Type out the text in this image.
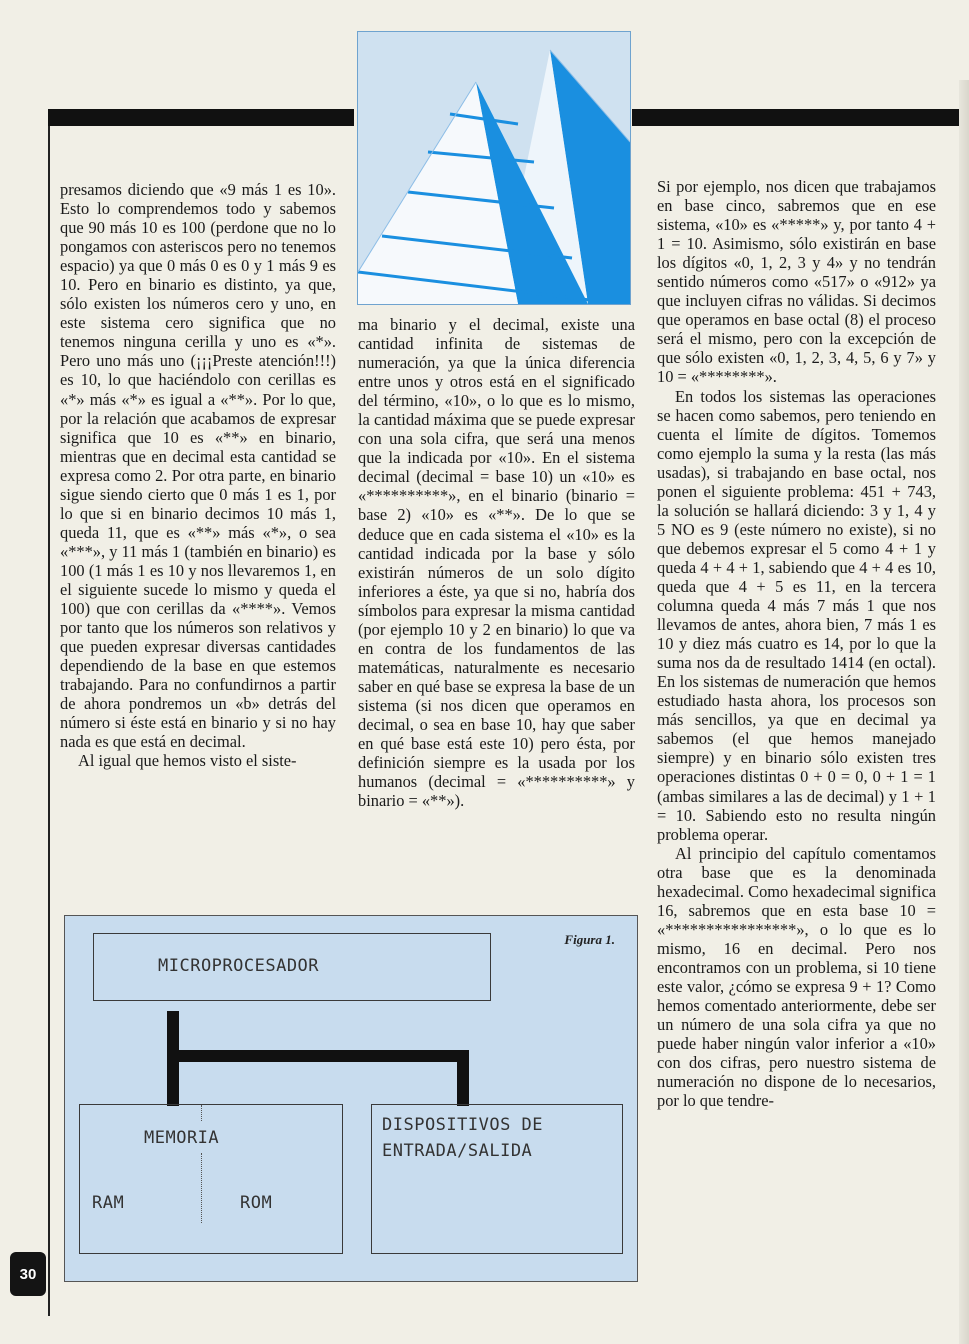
presamos diciendo que «9 más 1 es 10». Esto lo comprendemos todo y sabemos que 90 más 10 es 100 (perdone que no lo pongamos con asteriscos pero no tenemos espacio) ya que 0 más 0 es 0 y 1 más 9 es 10. Pero en binario es distinto, ya que, sólo existen los números cero y uno, en este sistema cero significa que no tenemos ninguna cerilla y uno es «*». Pero uno más uno (¡¡¡Preste atención!!!) es 10, lo que haciéndolo con cerillas es «*» más «*» es igual a «**». Por lo que, por la relación que acabamos de expresar significa que 10 es «**» en binario, mientras que en decimal esta cantidad se expresa como 2. Por otra parte, en binario sigue siendo cierto que 0 más 1 es 1, por lo que si en binario decimos 10 más 1, queda 11, que es «**» más «*», o sea «***», y 11 más 1 (también en binario) es 100 (1 más 1 es 10 y nos llevaremos 1, en el siguiente sucede lo mismo y queda el 100) que con cerillas da «****». Vemos por tanto que los números son relativos y que pueden expresar diversas cantidades dependiendo de la base en que estemos trabajando. Para no confundirnos a partir de ahora pondremos un «b» detrás del número si éste está en binario y si no hay nada es que está en decimal.

Al igual que hemos visto el siste-

ma binario y el decimal, existe una cantidad infinita de sistemas de numeración, ya que la única diferencia entre unos y otros está en el significado del término, «10», o lo que es lo mismo, la cantidad máxima que se puede expresar con una sola cifra, que será una menos que la indicada por «10». En el sistema decimal (decimal = base 10) un «10» es «**********», en el binario (binario = base 2) «10» es «**». De lo que se deduce que en cada sistema el «10» es la cantidad indicada por la base y sólo existirán números de un solo dígito inferiores a éste, ya que si no, habría dos símbolos para expresar la misma cantidad (por ejemplo 10 y 2 en binario) lo que va en contra de los fundamentos de las matemáticas, naturalmente es necesario saber en qué base se expresa la base de un sistema (si nos dicen que operamos en decimal, o sea en base 10, hay que saber en qué base está este 10) pero ésta, por definición siempre es la usada por los humanos (decimal = «**********» y binario = «**»).

Si por ejemplo, nos dicen que trabajamos en base cinco, sabremos que en ese sistema, «10» es «*****» y, por tanto 4 + 1 = 10. Asimismo, sólo existirán en base los dígitos «0, 1, 2, 3 y 4» y no tendrán sentido números como «517» o «912» ya que incluyen cifras no válidas. Si decimos que operamos en base octal (8) el proceso será el mismo, pero con la excepción de que sólo existen «0, 1, 2, 3, 4, 5, 6 y 7» y 10 = «********».

En todos los sistemas las operaciones se hacen como sabemos, pero teniendo en cuenta el límite de dígitos. Tomemos como ejemplo la suma y la resta (las más usadas), si trabajando en base octal, nos ponen el siguiente problema: 451 + 743, la solución se hallará diciendo: 3 y 1, 4 y 5 NO es 9 (este número no existe), si no que debemos expresar el 5 como 4 + 1 y queda 4 + 4 + 1, sabiendo que 4 + 4 es 10, queda que 4 + 5 es 11, en la tercera columna queda 4 más 7 más 1 que nos llevamos de antes, ahora bien, 7 más 1 es 10 y diez más cuatro es 14, por lo que la suma nos da de resultado 1414 (en octal). En los sistemas de numeración que hemos estudiado hasta ahora, los procesos son más sencillos, ya que en decimal ya sabemos (el que hemos manejado siempre) y en binario sólo existen tres operaciones distintas 0 + 0 = 0, 0 + 1 = 1 (ambas similares a las de decimal) y 1 + 1 = 10. Sabiendo esto no resulta ningún problema operar.

Al principio del capítulo comentamos otra base que es la denominada hexadecimal. Como hexadecimal significa 16, sabremos que en esta base 10 = «****************», o lo que es lo mismo, 16 en decimal. Pero nos encontramos con un problema, si 10 tiene este valor, ¿cómo se expresa 9 + 1? Como hemos comentado anteriormente, debe ser un número de una sola cifra ya que no puede haber ningún valor inferior a «10» con dos cifras, pero nuestro sistema de numeración no dispone de lo necesarios, por lo que tendre-

Figura 1.
MICROPROCESADOR
MEMORIA
RAM	ROM
DISPOSITIVOS DE
ENTRADA/SALIDA
30
